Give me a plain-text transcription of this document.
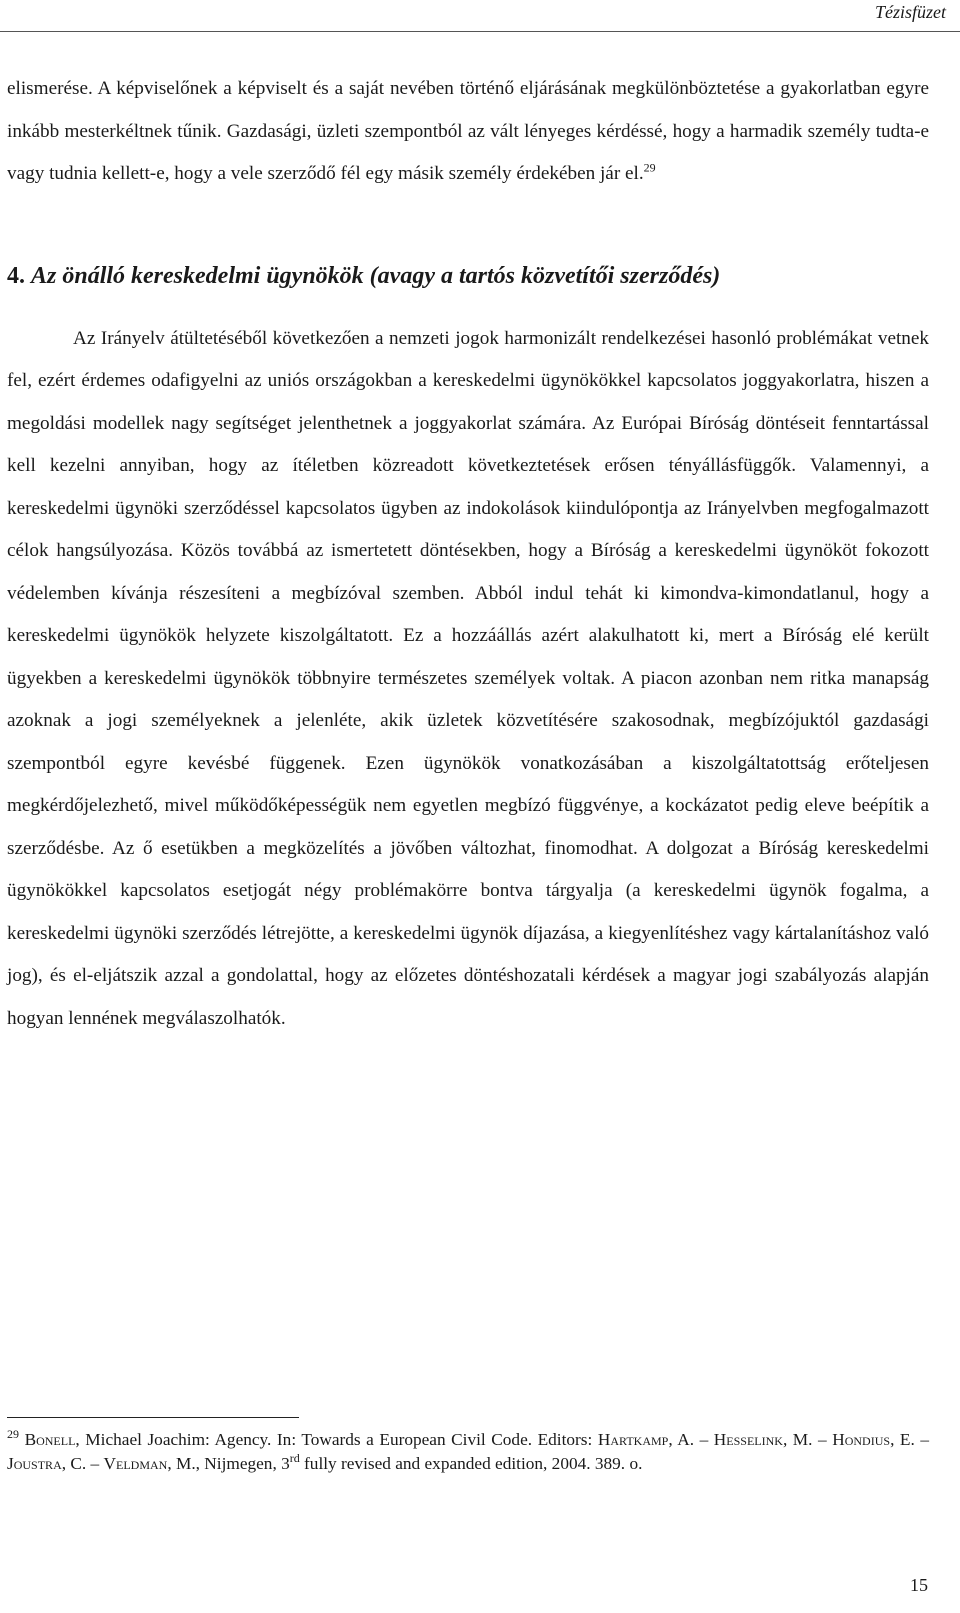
Tézisfüzet

elismerése. A képviselőnek a képviselt és a saját nevében történő eljárásának megkülönböztetése a gyakorlatban egyre inkább mesterkéltnek tűnik. Gazdasági, üzleti szempontból az vált lényeges kérdéssé, hogy a harmadik személy tudta-e vagy tudnia kellett-e, hogy a vele szerződő fél egy másik személy érdekében jár el.$^{29}$

4. Az önálló kereskedelmi ügynökök (avagy a tartós közvetítői szerződés)

Az Irányelv átültetéséből következően a nemzeti jogok harmonizált rendelkezései hasonló problémákat vetnek fel, ezért érdemes odafigyelni az uniós országokban a kereskedelmi ügynökökkel kapcsolatos joggyakorlatra, hiszen a megoldási modellek nagy segítséget jelenthetnek a joggyakorlat számára. Az Európai Bíróság döntéseit fenntartással kell kezelni annyiban, hogy az ítéletben közreadott következtetések erősen tényállásfüggők. Valamennyi, a kereskedelmi ügynöki szerződéssel kapcsolatos ügyben az indokolások kiindulópontja az Irányelvben megfogalmazott célok hangsúlyozása. Közös továbbá az ismertetett döntésekben, hogy a Bíróság a kereskedelmi ügynököt fokozott védelemben kívánja részesíteni a megbízóval szemben. Abból indul tehát ki kimondva-kimondatlanul, hogy a kereskedelmi ügynökök helyzete kiszolgáltatott. Ez a hozzáállás azért alakulhatott ki, mert a Bíróság elé került ügyekben a kereskedelmi ügynökök többnyire természetes személyek voltak. A piacon azonban nem ritka manapság azoknak a jogi személyeknek a jelenléte, akik üzletek közvetítésére szakosodnak, megbízójuktól gazdasági szempontból egyre kevésbé függenek. Ezen ügynökök vonatkozásában a kiszolgáltatottság erőteljesen megkérdőjelezhető, mivel működőképességük nem egyetlen megbízó függvénye, a kockázatot pedig eleve beépítik a szerződésbe. Az ő esetükben a megközelítés a jövőben változhat, finomodhat. A dolgozat a Bíróság kereskedelmi ügynökökkel kapcsolatos esetjogát négy problémakörre bontva tárgyalja (a kereskedelmi ügynök fogalma, a kereskedelmi ügynöki szerződés létrejötte, a kereskedelmi ügynök díjazása, a kiegyenlítéshez vagy kártalanításhoz való jog), és el-eljátszik azzal a gondolattal, hogy az előzetes döntéshozatali kérdések a magyar jogi szabályozás alapján hogyan lennének megválaszolhatók.

$^{29}$ Bonell, Michael Joachim: Agency. In: Towards a European Civil Code. Editors: Hartkamp, A. – Hesselink, M. – Hondius, E. – Joustra, C. – Veldman, M., Nijmegen, 3rd fully revised and expanded edition, 2004. 389. o.
15
